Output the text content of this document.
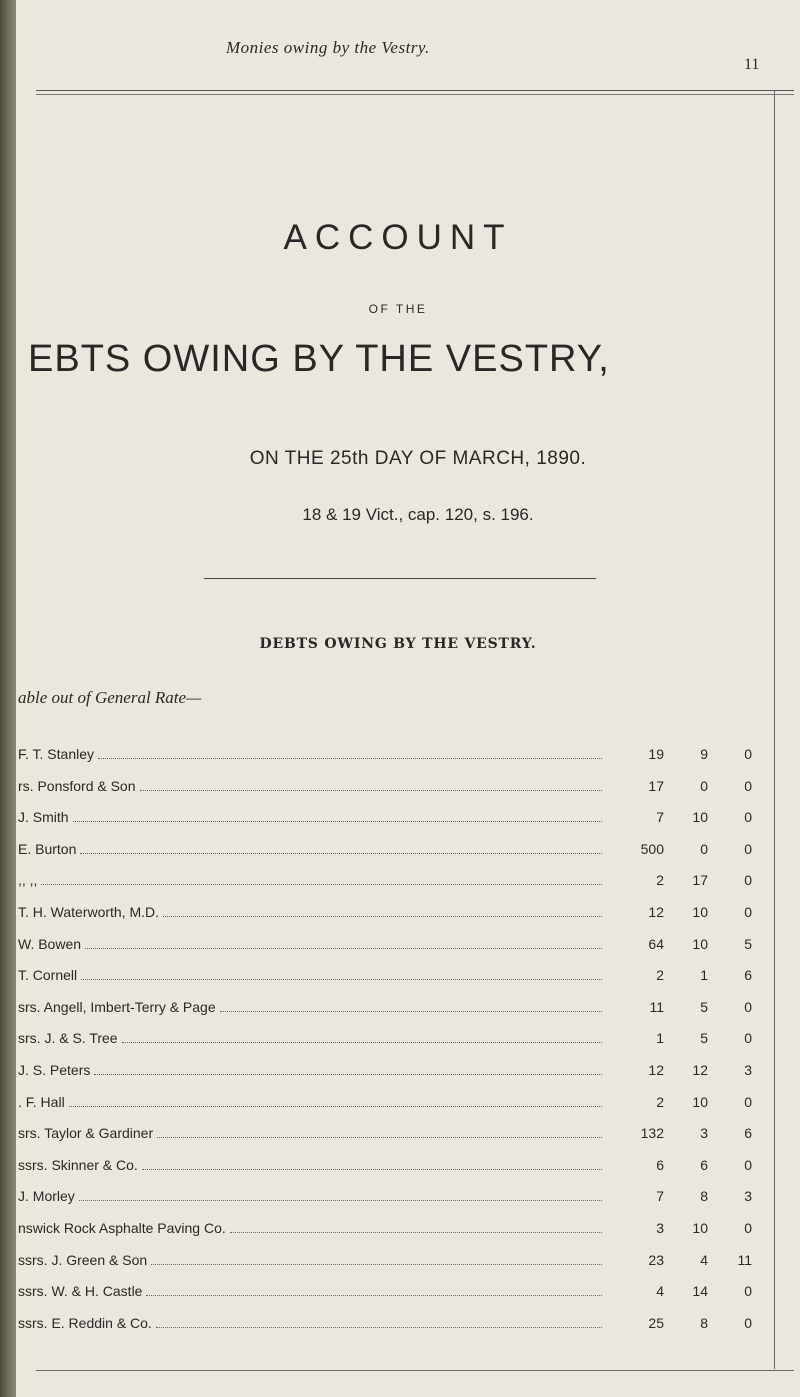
Monies owing by the Vestry.
11
ACCOUNT
OF THE
EBTS OWING BY THE VESTRY,
ON THE 25th DAY OF MARCH, 1890.
18 & 19 Vict., cap. 120, s. 196.
DEBTS OWING BY THE VESTRY.
able out of General Rate—
F. T. Stanley	19	9	0
rs. Ponsford & Son	17	0	0
J. Smith	7	10	0
E. Burton	500	0	0
,, ,,	2	17	0
T. H. Waterworth, M.D.	12	10	0
W. Bowen	64	10	5
T. Cornell	2	1	6
srs. Angell, Imbert-Terry & Page	11	5	0
srs. J. & S. Tree	1	5	0
J. S. Peters	12	12	3
. F. Hall	2	10	0
srs. Taylor & Gardiner	132	3	6
ssrs. Skinner & Co.	6	6	0
J. Morley	7	8	3
nswick Rock Asphalte Paving Co.	3	10	0
ssrs. J. Green & Son	23	4	11
ssrs. W. & H. Castle	4	14	0
ssrs. E. Reddin & Co.	25	8	0
